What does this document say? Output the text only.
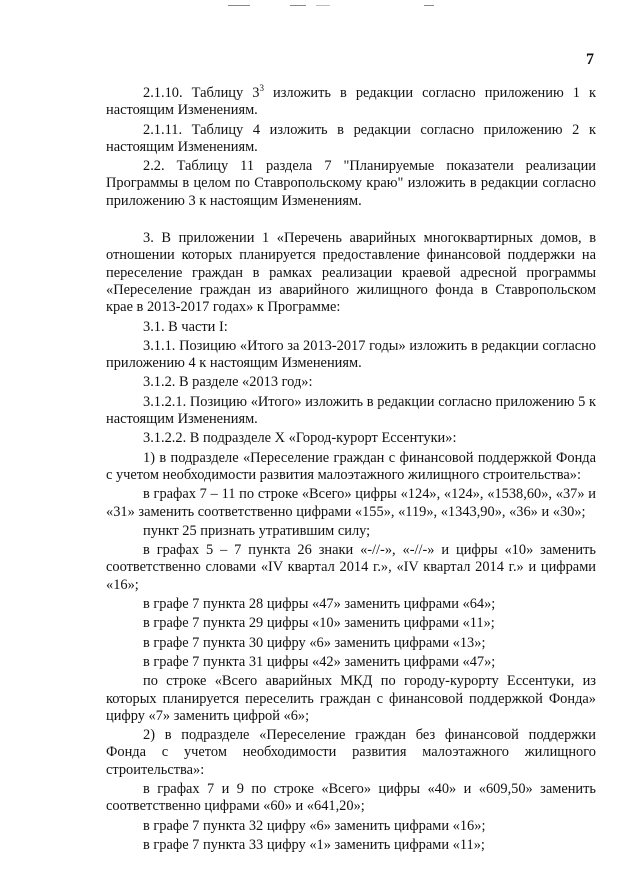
7

2.1.10. Таблицу $3^3$ изложить в редакции согласно приложению 1 к настоящим Изменениям.

2.1.11. Таблицу 4 изложить в редакции согласно приложению 2 к настоящим Изменениям.

2.2. Таблицу 11 раздела 7 "Планируемые показатели реализации Программы в целом по Ставропольскому краю" изложить в редакции согласно приложению 3 к настоящим Изменениям.

3. В приложении 1 «Перечень аварийных многоквартирных домов, в отношении которых планируется предоставление финансовой поддержки на переселение граждан в рамках реализации краевой адресной программы «Переселение граждан из аварийного жилищного фонда в Ставропольском крае в 2013-2017 годах» к Программе:

3.1. В части I:

3.1.1. Позицию «Итого за 2013-2017 годы» изложить в редакции согласно приложению 4 к настоящим Изменениям.

3.1.2. В разделе «2013 год»:

3.1.2.1. Позицию «Итого» изложить в редакции согласно приложению 5 к настоящим Изменениям.

3.1.2.2. В подразделе X «Город-курорт Ессентуки»:

1) в подразделе «Переселение граждан с финансовой поддержкой Фонда с учетом необходимости развития малоэтажного жилищного строительства»:

в графах 7 – 11 по строке «Всего» цифры «124», «124», «1538,60», «37» и «31» заменить соответственно цифрами «155», «119», «1343,90», «36» и «30»;

пункт 25 признать утратившим силу;

в графах 5 – 7 пункта 26 знаки «-//-», «-//-» и цифры «10» заменить соответственно словами «IV квартал 2014 г.», «IV квартал 2014 г.» и цифрами «16»;

в графе 7 пункта 28 цифры «47» заменить цифрами «64»;

в графе 7 пункта 29 цифры «10» заменить цифрами «11»;

в графе 7 пункта 30 цифру «6» заменить цифрами «13»;

в графе 7 пункта 31 цифры «42» заменить цифрами «47»;

по строке «Всего аварийных МКД по городу-курорту Ессентуки, из которых планируется переселить граждан с финансовой поддержкой Фонда» цифру «7» заменить цифрой «6»;

2) в подразделе «Переселение граждан без финансовой поддержки Фонда с учетом необходимости развития малоэтажного жилищного строительства»:

в графах 7 и 9 по строке «Всего» цифры «40» и «609,50» заменить соответственно цифрами «60» и «641,20»;

в графе 7 пункта 32 цифру «6» заменить цифрами «16»;

в графе 7 пункта 33 цифру «1» заменить цифрами «11»;
